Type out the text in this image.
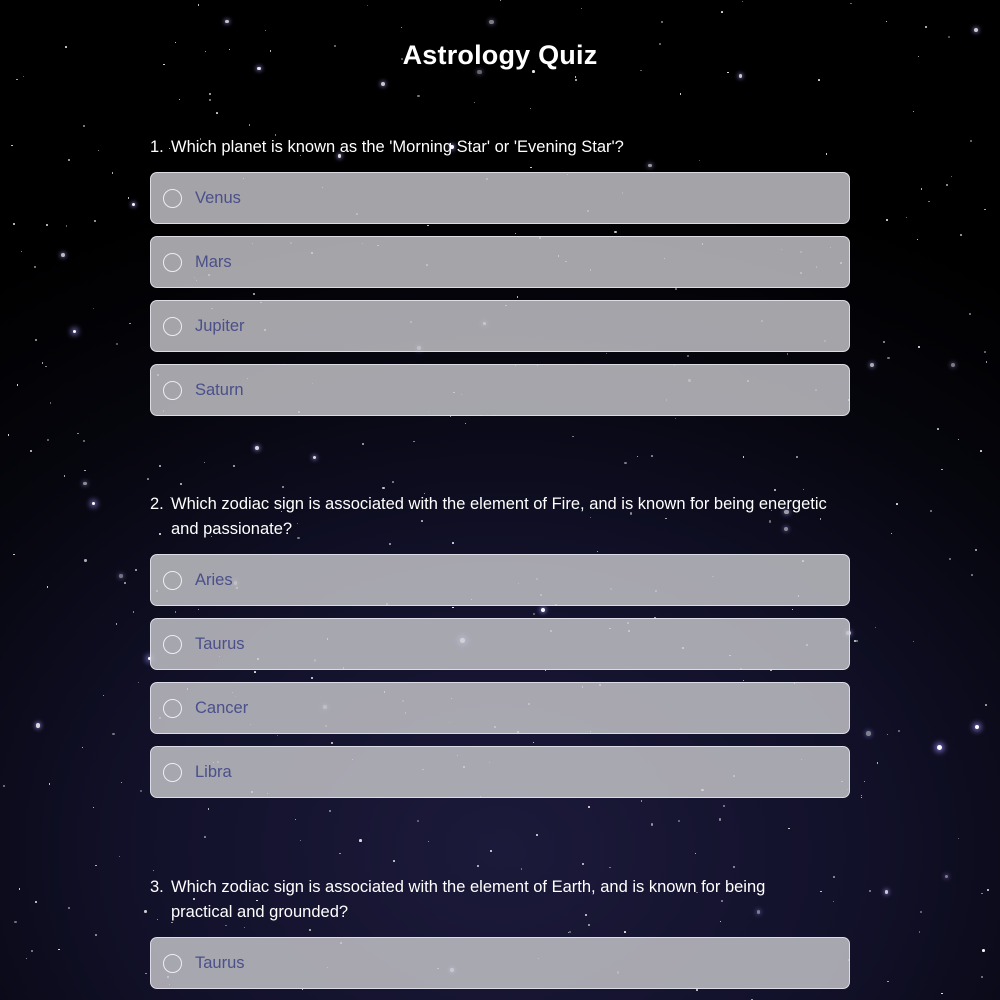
Astrology Quiz
1. Which planet is known as the 'Morning Star' or 'Evening Star'?
Venus
Mars
Jupiter
Saturn
2. Which zodiac sign is associated with the element of Fire, and is known for being energetic and passionate?
Aries
Taurus
Cancer
Libra
3. Which zodiac sign is associated with the element of Earth, and is known for being practical and grounded?
Taurus
